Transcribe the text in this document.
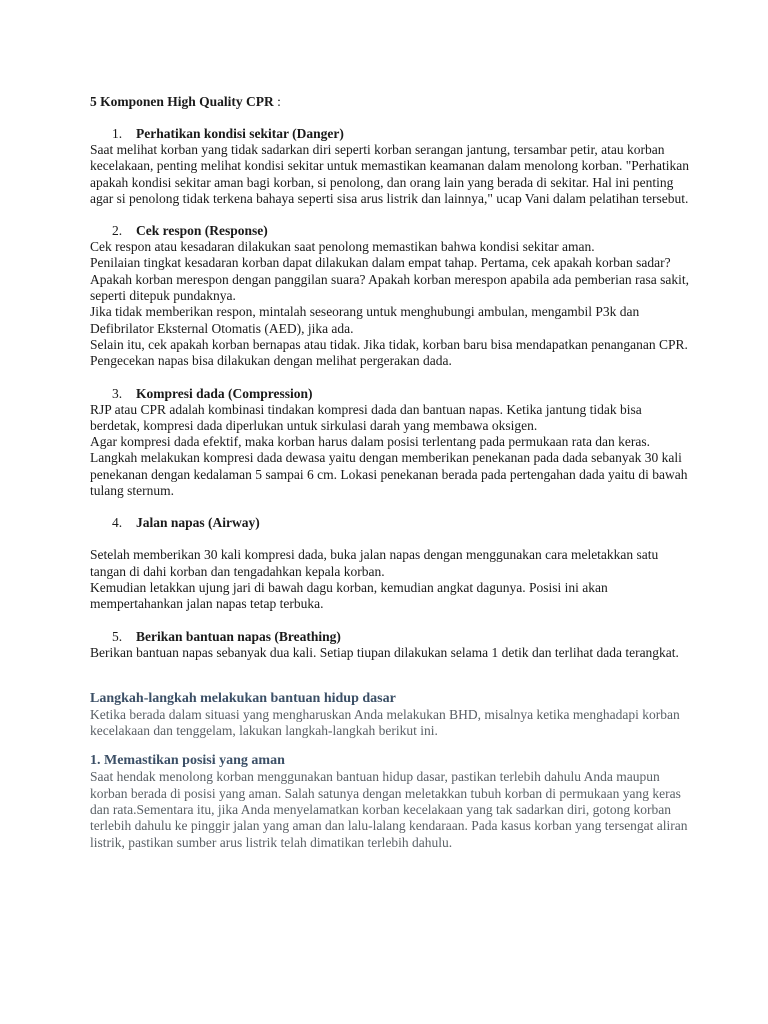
5 Komponen High Quality CPR :

1.	Perhatikan kondisi sekitar (Danger)

Saat melihat korban yang tidak sadarkan diri seperti korban serangan jantung, tersambar petir, atau korban kecelakaan, penting melihat kondisi sekitar untuk memastikan keamanan dalam menolong korban. "Perhatikan apakah kondisi sekitar aman bagi korban, si penolong, dan orang lain yang berada di sekitar. Hal ini penting agar si penolong tidak terkena bahaya seperti sisa arus listrik dan lainnya," ucap Vani dalam pelatihan tersebut.

2.	Cek respon (Response)

Cek respon atau kesadaran dilakukan saat penolong memastikan bahwa kondisi sekitar aman.

Penilaian tingkat kesadaran korban dapat dilakukan dalam empat tahap. Pertama, cek apakah korban sadar? Apakah korban merespon dengan panggilan suara? Apakah korban merespon apabila ada pemberian rasa sakit, seperti ditepuk pundaknya.

Jika tidak memberikan respon, mintalah seseorang untuk menghubungi ambulan, mengambil P3k dan Defibrilator Eksternal Otomatis (AED), jika ada.

Selain itu, cek apakah korban bernapas atau tidak. Jika tidak, korban baru bisa mendapatkan penanganan CPR. Pengecekan napas bisa dilakukan dengan melihat pergerakan dada.

3.	Kompresi dada (Compression)

RJP atau CPR adalah kombinasi tindakan kompresi dada dan bantuan napas. Ketika jantung tidak bisa berdetak, kompresi dada diperlukan untuk sirkulasi darah yang membawa oksigen.

Agar kompresi dada efektif, maka korban harus dalam posisi terlentang pada permukaan rata dan keras.

Langkah melakukan kompresi dada dewasa yaitu dengan memberikan penekanan pada dada sebanyak 30 kali penekanan dengan kedalaman 5 sampai 6 cm. Lokasi penekanan berada pada pertengahan dada yaitu di bawah tulang sternum.

4.	Jalan napas (Airway)

Setelah memberikan 30 kali kompresi dada, buka jalan napas dengan menggunakan cara meletakkan satu tangan di dahi korban dan tengadahkan kepala korban.

Kemudian letakkan ujung jari di bawah dagu korban, kemudian angkat dagunya. Posisi ini akan mempertahankan jalan napas tetap terbuka.

5.	Berikan bantuan napas (Breathing)

Berikan bantuan napas sebanyak dua kali. Setiap tiupan dilakukan selama 1 detik dan terlihat dada terangkat.

Langkah-langkah melakukan bantuan hidup dasar

Ketika berada dalam situasi yang mengharuskan Anda melakukan BHD, misalnya ketika menghadapi korban kecelakaan dan tenggelam, lakukan langkah-langkah berikut ini.

1. Memastikan posisi yang aman

Saat hendak menolong korban menggunakan bantuan hidup dasar, pastikan terlebih dahulu Anda maupun korban berada di posisi yang aman. Salah satunya dengan meletakkan tubuh korban di permukaan yang keras dan rata.Sementara itu, jika Anda menyelamatkan korban kecelakaan yang tak sadarkan diri, gotong korban terlebih dahulu ke pinggir jalan yang aman dan lalu-lalang kendaraan. Pada kasus korban yang tersengat aliran listrik, pastikan sumber arus listrik telah dimatikan terlebih dahulu.
